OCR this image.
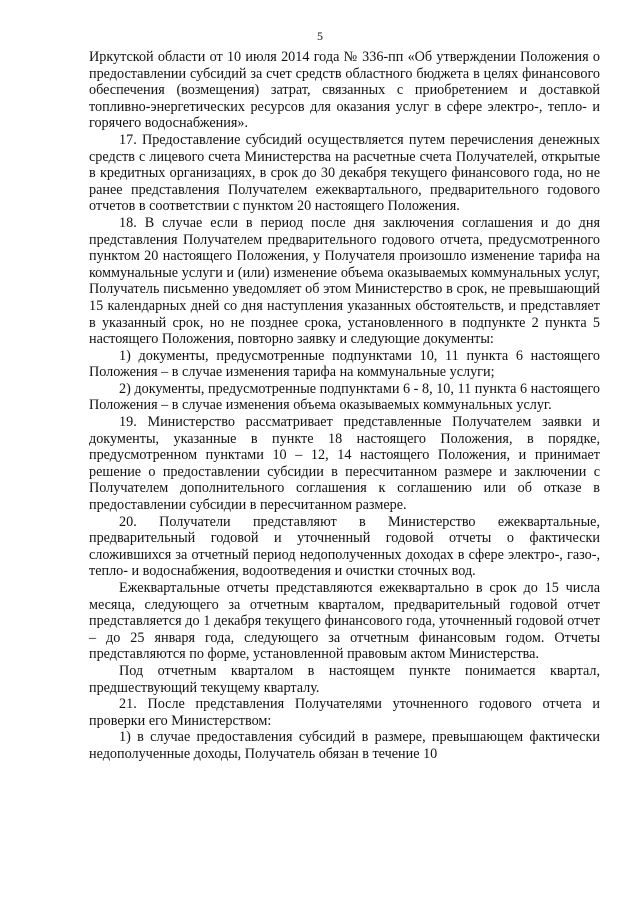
5

Иркутской области от 10 июля 2014 года № 336-пп «Об утверждении Положения о предоставлении субсидий за счет средств областного бюджета в целях финансового обеспечения (возмещения) затрат, связанных с приобретением и доставкой топливно-энергетических ресурсов для оказания услуг в сфере электро-, тепло- и горячего водоснабжения».

17. Предоставление субсидий осуществляется путем перечисления денежных средств с лицевого счета Министерства на расчетные счета Получателей, открытые в кредитных организациях, в срок до 30 декабря текущего финансового года, но не ранее представления Получателем ежеквартального, предварительного годового отчетов в соответствии с пунктом 20 настоящего Положения.

18. В случае если в период после дня заключения соглашения и до дня представления Получателем предварительного годового отчета, предусмотренного пунктом 20 настоящего Положения, у Получателя произошло изменение тарифа на коммунальные услуги и (или) изменение объема оказываемых коммунальных услуг, Получатель письменно уведомляет об этом Министерство в срок, не превышающий 15 календарных дней со дня наступления указанных обстоятельств, и представляет в указанный срок, но не позднее срока, установленного в подпункте 2 пункта 5 настоящего Положения, повторно заявку и следующие документы:

1) документы, предусмотренные подпунктами 10, 11 пункта 6 настоящего Положения – в случае изменения тарифа на коммунальные услуги;

2) документы, предусмотренные подпунктами 6 - 8, 10, 11 пункта 6 настоящего Положения – в случае изменения объема оказываемых коммунальных услуг.

19. Министерство рассматривает представленные Получателем заявки и документы, указанные в пункте 18 настоящего Положения, в порядке, предусмотренном пунктами 10 – 12, 14 настоящего Положения, и принимает решение о предоставлении субсидии в пересчитанном размере и заключении с Получателем дополнительного соглашения к соглашению или об отказе в предоставлении субсидии в пересчитанном размере.

20. Получатели представляют в Министерство ежеквартальные, предварительный годовой и уточненный годовой отчеты о фактически сложившихся за отчетный период недополученных доходах в сфере электро-, газо-, тепло- и водоснабжения, водоотведения и очистки сточных вод.

Ежеквартальные отчеты представляются ежеквартально в срок до 15 числа месяца, следующего за отчетным кварталом, предварительный годовой отчет представляется до 1 декабря текущего финансового года, уточненный годовой отчет – до 25 января года, следующего за отчетным финансовым годом. Отчеты представляются по форме, установленной правовым актом Министерства.

Под отчетным кварталом в настоящем пункте понимается квартал, предшествующий текущему кварталу.

21. После представления Получателями уточненного годового отчета и проверки его Министерством:

1) в случае предоставления субсидий в размере, превышающем фактически недополученные доходы, Получатель обязан в течение 10
